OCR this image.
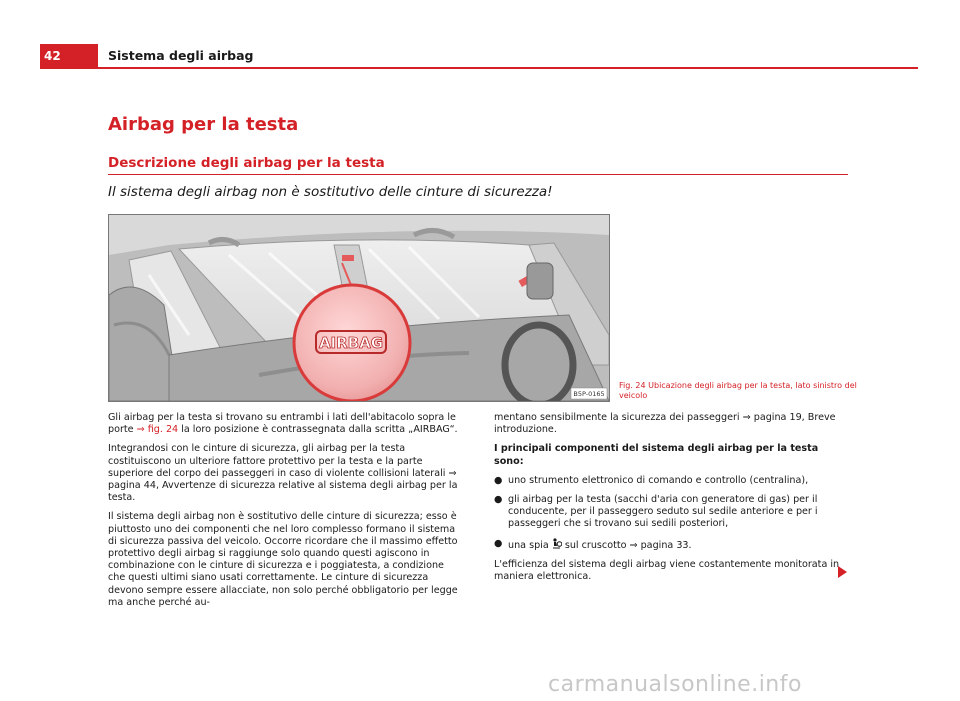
42	Sistema degli airbag
Airbag per la testa
Descrizione degli airbag per la testa
Il sistema degli airbag non è sostitutivo delle cinture di sicurezza!
AIRBAG
B5P-0165
Fig. 24 Ubicazione degli airbag per la testa, lato sinistro del veicolo

Gli airbag per la testa si trovano su entrambi i lati dell'abitacolo sopra le porte ⇒ fig. 24 la loro posizione è contrassegnata dalla scritta „AIRBAG“.

Integrandosi con le cinture di sicurezza, gli airbag per la testa costituiscono un ulteriore fattore protettivo per la testa e la parte superiore del corpo dei passeggeri in caso di violente collisioni laterali ⇒ pagina 44, Avvertenze di sicurezza relative al sistema degli airbag per la testa.

Il sistema degli airbag non è sostitutivo delle cinture di sicurezza; esso è piuttosto uno dei componenti che nel loro complesso formano il sistema di sicurezza passiva del veicolo. Occorre ricordare che il massimo effetto protettivo degli airbag si raggiunge solo quando questi agiscono in combinazione con le cinture di sicurezza e i poggiatesta, a condizione che questi ultimi siano usati correttamente. Le cinture di sicurezza devono sempre essere allacciate, non solo perché obbligatorio per legge ma anche perché au-

mentano sensibilmente la sicurezza dei passeggeri ⇒ pagina 19, Breve introduzione.

I principali componenti del sistema degli airbag per la testa sono:

● uno strumento elettronico di comando e controllo (centralina),
● gli airbag per la testa (sacchi d'aria con generatore di gas) per il conducente, per il passeggero seduto sul sedile anteriore e per i passeggeri che si trovano sui sedili posteriori,
● una spia  sul cruscotto ⇒ pagina 33.

L'efficienza del sistema degli airbag viene costantemente monitorata in maniera elettronica.

carmanualsonline.info
